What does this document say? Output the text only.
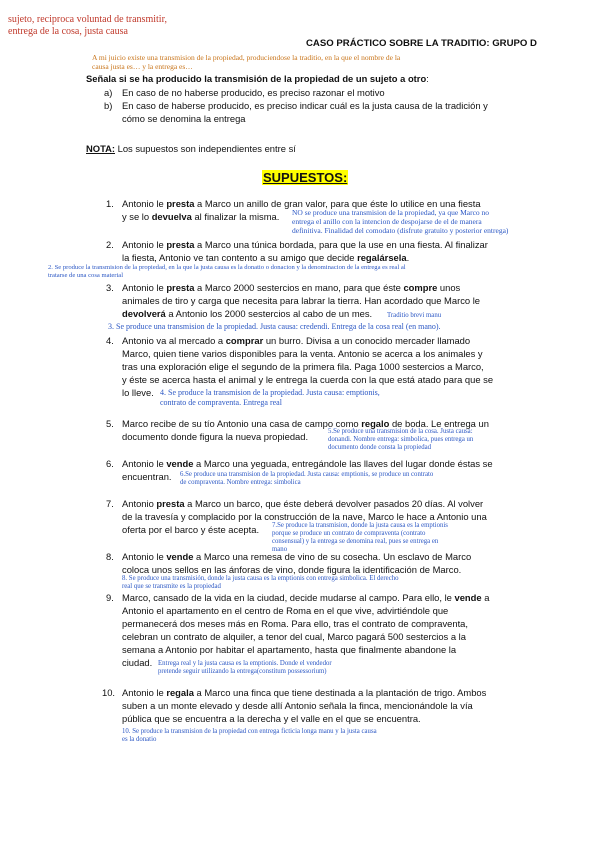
sujeto, reciproca voluntad de transmitir,
entrega de la cosa, justa causa
CASO PRÁCTICO SOBRE LA TRADITIO: GRUPO D
A mi juicio existe una transmision de la propiedad, produciendose la traditio, en la que el nombre de la
causa justa es… y la entrega es…
Señala si se ha producido la transmisión de la propiedad de un sujeto a otro:
a) En caso de no haberse producido, es preciso razonar el motivo
b) En caso de haberse producido, es preciso indicar cuál es la justa causa de la tradición y
cómo se denomina la entrega
NOTA: Los supuestos son independientes entre sí
SUPUESTOS:
1. Antonio le presta a Marco un anillo de gran valor, para que éste lo utilice en una fiesta
y se lo devuelva al finalizar la misma.	NO se produce una transmision de la propiedad, ya que Marco no
entrega el anillo con la intencion de despojarse de el de manera
definitiva. Finalidad del comodato (disfrute gratuito y posterior entrega)
2. Antonio le presta a Marco una túnica bordada, para que la use en una fiesta. Al finalizar
la fiesta, Antonio ve tan contento a su amigo que decide regalársela.
2. Se produce la transmision de la propiedad, en la que la justa causa es la donatio o donacion y la denominacion de la entrega es real al
tratarse de una cosa material
3. Antonio le presta a Marco 2000 sestercios en mano, para que éste compre unos
animales de tiro y carga que necesita para labrar la tierra. Han acordado que Marco le
devolverá a Antonio los 2000 sestercios al cabo de un mes.	Traditio brevi manu
3. Se produce una transmision de la propiedad. Justa causa: credendi. Entrega de la cosa real (en mano).
4. Antonio va al mercado a comprar un burro. Divisa a un conocido mercader llamado
Marco, quien tiene varios disponibles para la venta. Antonio se acerca a los animales y
tras una exploración elige el segundo de la primera fila. Paga 1000 sestercios a Marco,
y éste se acerca hasta el animal y le entrega la cuerda con la que está atado para que se
lo lleve. 4. Se produce la transmision de la propiedad. Justa causa: emptionis,
contrato de compraventa. Entrega real
5. Marco recibe de su tío Antonio una casa de campo como regalo de boda. Le entrega un
documento donde figura la nueva propiedad.	5.Se produce una transmision de la cosa. Justa causa:
donandi. Nombre entrega: simbolica, pues entrega un
documento donde consta la propiedad
6. Antonio le vende a Marco una yeguada, entregándole las llaves del lugar donde éstas se
encuentran.	6.Se produce una transmision de la propiedad. Justa causa: emptionis, se produce un contrato
de compraventa. Nombre entrega: simbolica
7. Antonio presta a Marco un barco, que éste deberá devolver pasados 20 días. Al volver
de la travesía y complacido por la construcción de la nave, Marco le hace a Antonio una
oferta por el barco y éste acepta.	7.Se produce la transmision, donde la justa causa es la emptionis
porque se produce un contrato de compraventa (contrato
consensual) y la entrega se denomina real, pues se entrega en
mano
8. Antonio le vende a Marco una remesa de vino de su cosecha. Un esclavo de Marco
coloca unos sellos en las ánforas de vino, donde figura la identificación de Marco.
8. Se produce una transmisión, donde la justa causa es la emptionis con entrega simbolica. El derecho
real que se transmite es la propiedad
9. Marco, cansado de la vida en la ciudad, decide mudarse al campo. Para ello, le vende a
Antonio el apartamento en el centro de Roma en el que vive, advirtiéndole que
permanecerá dos meses más en Roma. Para ello, tras el contrato de compraventa,
celebran un contrato de alquiler, a tenor del cual, Marco pagará 500 sestercios a la
semana a Antonio por habitar el apartamento, hasta que finalmente abandone la
ciudad. Entrega real y la justa causa es la emptionis. Donde el vendedor
pretende seguir utilizando la entrega(constitum possessorium)
10. Antonio le regala a Marco una finca que tiene destinada a la plantación de trigo. Ambos
suben a un monte elevado y desde allí Antonio señala la finca, mencionándole la vía
pública que se encuentra a la derecha y el valle en el que se encuentra.
10. Se produce la transmision de la propiedad con entrega ficticia longa manu y la justa causa
es la donatio
